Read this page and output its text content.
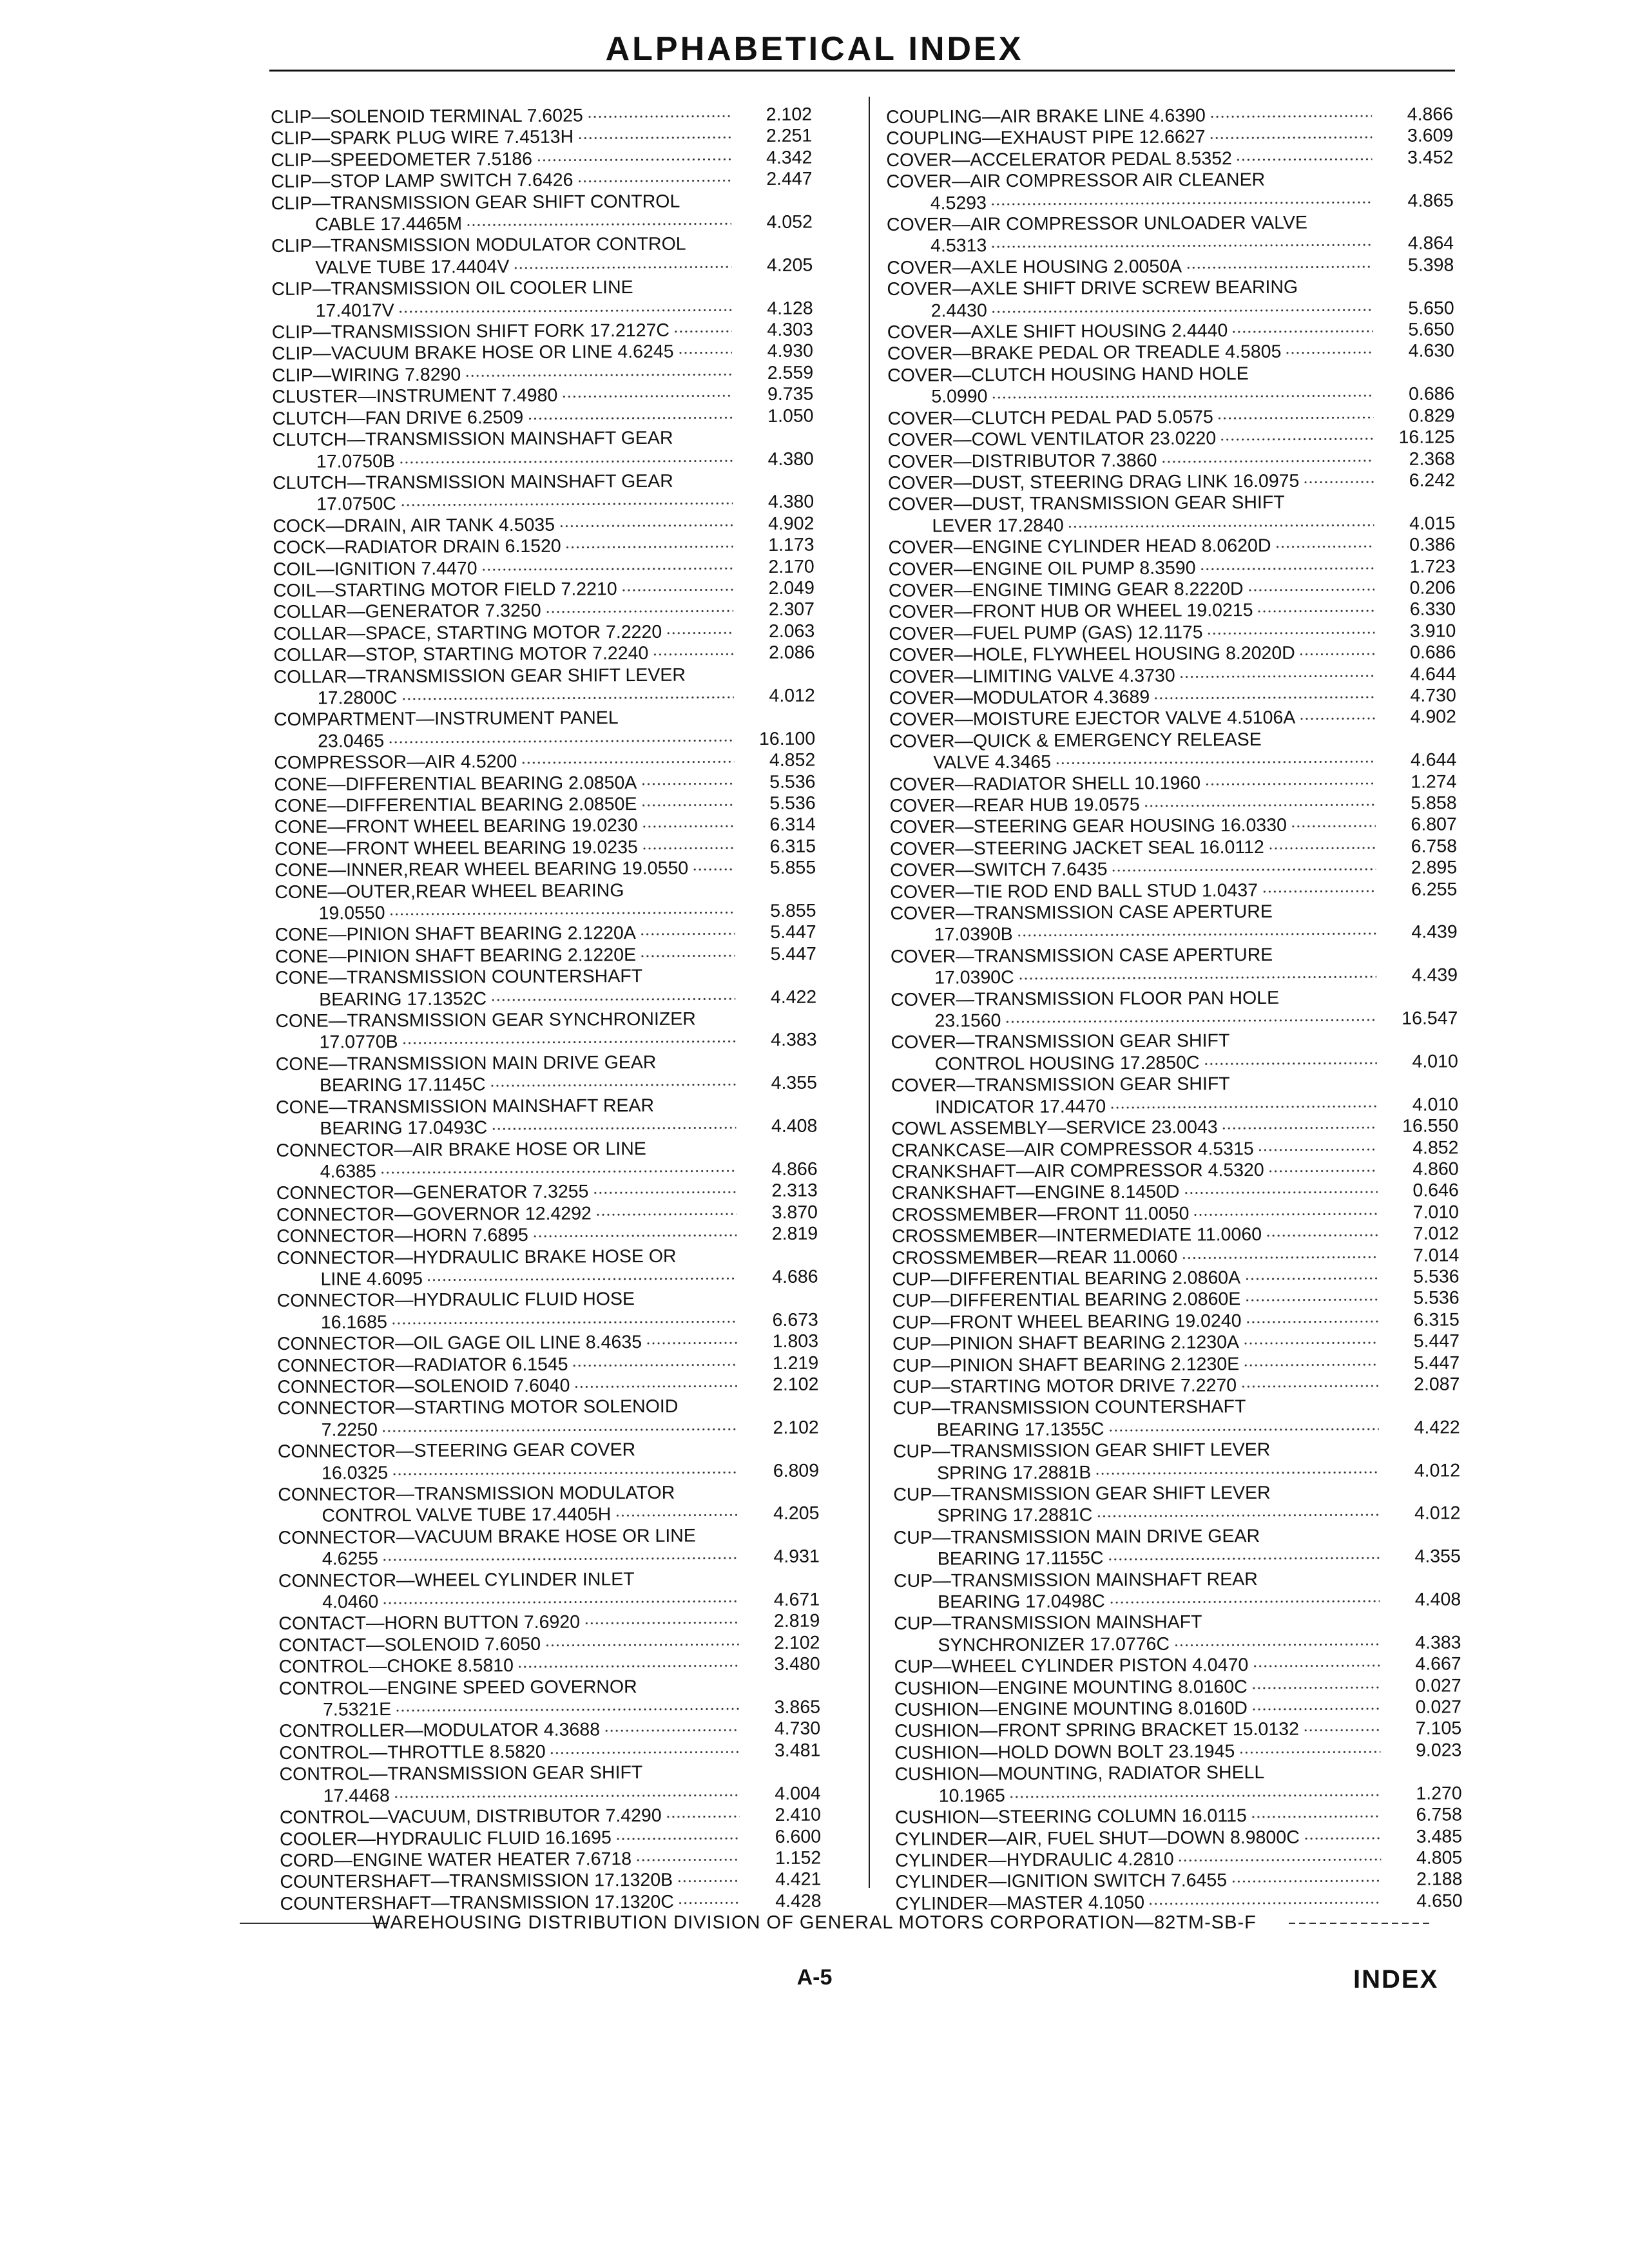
ALPHABETICAL INDEX
CLIP—SOLENOID TERMINAL 7.6025	2.102
CLIP—SPARK PLUG WIRE 7.4513H	2.251
CLIP—SPEEDOMETER 7.5186	4.342
CLIP—STOP LAMP SWITCH 7.6426	2.447
CLIP—TRANSMISSION GEAR SHIFT CONTROL
CABLE 17.4465M	4.052
CLIP—TRANSMISSION MODULATOR CONTROL
VALVE TUBE 17.4404V	4.205
CLIP—TRANSMISSION OIL COOLER LINE
17.4017V	4.128
CLIP—TRANSMISSION SHIFT FORK 17.2127C	4.303
CLIP—VACUUM BRAKE HOSE OR LINE 4.6245	4.930
CLIP—WIRING 7.8290	2.559
CLUSTER—INSTRUMENT 7.4980	9.735
CLUTCH—FAN DRIVE 6.2509	1.050
CLUTCH—TRANSMISSION MAINSHAFT GEAR
17.0750B	4.380
CLUTCH—TRANSMISSION MAINSHAFT GEAR
17.0750C	4.380
COCK—DRAIN, AIR TANK 4.5035	4.902
COCK—RADIATOR DRAIN 6.1520	1.173
COIL—IGNITION 7.4470	2.170
COIL—STARTING MOTOR FIELD 7.2210	2.049
COLLAR—GENERATOR 7.3250	2.307
COLLAR—SPACE, STARTING MOTOR 7.2220	2.063
COLLAR—STOP, STARTING MOTOR 7.2240	2.086
COLLAR—TRANSMISSION GEAR SHIFT LEVER
17.2800C	4.012
COMPARTMENT—INSTRUMENT PANEL
23.0465	16.100
COMPRESSOR—AIR 4.5200	4.852
CONE—DIFFERENTIAL BEARING 2.0850A	5.536
CONE—DIFFERENTIAL BEARING 2.0850E	5.536
CONE—FRONT WHEEL BEARING 19.0230	6.314
CONE—FRONT WHEEL BEARING 19.0235	6.315
CONE—INNER,REAR WHEEL BEARING 19.0550	5.855
CONE—OUTER,REAR WHEEL BEARING
19.0550	5.855
CONE—PINION SHAFT BEARING 2.1220A	5.447
CONE—PINION SHAFT BEARING 2.1220E	5.447
CONE—TRANSMISSION COUNTERSHAFT
BEARING 17.1352C	4.422
CONE—TRANSMISSION GEAR SYNCHRONIZER
17.0770B	4.383
CONE—TRANSMISSION MAIN DRIVE GEAR
BEARING 17.1145C	4.355
CONE—TRANSMISSION MAINSHAFT REAR
BEARING 17.0493C	4.408
CONNECTOR—AIR BRAKE HOSE OR LINE
4.6385	4.866
CONNECTOR—GENERATOR 7.3255	2.313
CONNECTOR—GOVERNOR 12.4292	3.870
CONNECTOR—HORN 7.6895	2.819
CONNECTOR—HYDRAULIC BRAKE HOSE OR
LINE 4.6095	4.686
CONNECTOR—HYDRAULIC FLUID HOSE
16.1685	6.673
CONNECTOR—OIL GAGE OIL LINE 8.4635	1.803
CONNECTOR—RADIATOR 6.1545	1.219
CONNECTOR—SOLENOID 7.6040	2.102
CONNECTOR—STARTING MOTOR SOLENOID
7.2250	2.102
CONNECTOR—STEERING GEAR COVER
16.0325	6.809
CONNECTOR—TRANSMISSION MODULATOR
CONTROL VALVE TUBE 17.4405H	4.205
CONNECTOR—VACUUM BRAKE HOSE OR LINE
4.6255	4.931
CONNECTOR—WHEEL CYLINDER INLET
4.0460	4.671
CONTACT—HORN BUTTON 7.6920	2.819
CONTACT—SOLENOID 7.6050	2.102
CONTROL—CHOKE 8.5810	3.480
CONTROL—ENGINE SPEED GOVERNOR
7.5321E	3.865
CONTROLLER—MODULATOR 4.3688	4.730
CONTROL—THROTTLE 8.5820	3.481
CONTROL—TRANSMISSION GEAR SHIFT
17.4468	4.004
CONTROL—VACUUM, DISTRIBUTOR 7.4290	2.410
COOLER—HYDRAULIC FLUID 16.1695	6.600
CORD—ENGINE WATER HEATER 7.6718	1.152
COUNTERSHAFT—TRANSMISSION 17.1320B	4.421
COUNTERSHAFT—TRANSMISSION 17.1320C	4.428
COUPLING—AIR BRAKE LINE 4.6390	4.866
COUPLING—EXHAUST PIPE 12.6627	3.609
COVER—ACCELERATOR PEDAL 8.5352	3.452
COVER—AIR COMPRESSOR AIR CLEANER
4.5293	4.865
COVER—AIR COMPRESSOR UNLOADER VALVE
4.5313	4.864
COVER—AXLE HOUSING 2.0050A	5.398
COVER—AXLE SHIFT DRIVE SCREW BEARING
2.4430	5.650
COVER—AXLE SHIFT HOUSING 2.4440	5.650
COVER—BRAKE PEDAL OR TREADLE 4.5805	4.630
COVER—CLUTCH HOUSING HAND HOLE
5.0990	0.686
COVER—CLUTCH PEDAL PAD 5.0575	0.829
COVER—COWL VENTILATOR 23.0220	16.125
COVER—DISTRIBUTOR 7.3860	2.368
COVER—DUST, STEERING DRAG LINK 16.0975	6.242
COVER—DUST, TRANSMISSION GEAR SHIFT
LEVER 17.2840	4.015
COVER—ENGINE CYLINDER HEAD 8.0620D	0.386
COVER—ENGINE OIL PUMP 8.3590	1.723
COVER—ENGINE TIMING GEAR 8.2220D	0.206
COVER—FRONT HUB OR WHEEL 19.0215	6.330
COVER—FUEL PUMP (GAS) 12.1175	3.910
COVER—HOLE, FLYWHEEL HOUSING 8.2020D	0.686
COVER—LIMITING VALVE 4.3730	4.644
COVER—MODULATOR 4.3689	4.730
COVER—MOISTURE EJECTOR VALVE 4.5106A	4.902
COVER—QUICK & EMERGENCY RELEASE
VALVE 4.3465	4.644
COVER—RADIATOR SHELL 10.1960	1.274
COVER—REAR HUB 19.0575	5.858
COVER—STEERING GEAR HOUSING 16.0330	6.807
COVER—STEERING JACKET SEAL 16.0112	6.758
COVER—SWITCH 7.6435	2.895
COVER—TIE ROD END BALL STUD 1.0437	6.255
COVER—TRANSMISSION CASE APERTURE
17.0390B	4.439
COVER—TRANSMISSION CASE APERTURE
17.0390C	4.439
COVER—TRANSMISSION FLOOR PAN HOLE
23.1560	16.547
COVER—TRANSMISSION GEAR SHIFT
CONTROL HOUSING 17.2850C	4.010
COVER—TRANSMISSION GEAR SHIFT
INDICATOR 17.4470	4.010
COWL ASSEMBLY—SERVICE 23.0043	16.550
CRANKCASE—AIR COMPRESSOR 4.5315	4.852
CRANKSHAFT—AIR COMPRESSOR 4.5320	4.860
CRANKSHAFT—ENGINE 8.1450D	0.646
CROSSMEMBER—FRONT 11.0050	7.010
CROSSMEMBER—INTERMEDIATE 11.0060	7.012
CROSSMEMBER—REAR 11.0060	7.014
CUP—DIFFERENTIAL BEARING 2.0860A	5.536
CUP—DIFFERENTIAL BEARING 2.0860E	5.536
CUP—FRONT WHEEL BEARING 19.0240	6.315
CUP—PINION SHAFT BEARING 2.1230A	5.447
CUP—PINION SHAFT BEARING 2.1230E	5.447
CUP—STARTING MOTOR DRIVE 7.2270	2.087
CUP—TRANSMISSION COUNTERSHAFT
BEARING 17.1355C	4.422
CUP—TRANSMISSION GEAR SHIFT LEVER
SPRING 17.2881B	4.012
CUP—TRANSMISSION GEAR SHIFT LEVER
SPRING 17.2881C	4.012
CUP—TRANSMISSION MAIN DRIVE GEAR
BEARING 17.1155C	4.355
CUP—TRANSMISSION MAINSHAFT REAR
BEARING 17.0498C	4.408
CUP—TRANSMISSION MAINSHAFT
SYNCHRONIZER 17.0776C	4.383
CUP—WHEEL CYLINDER PISTON 4.0470	4.667
CUSHION—ENGINE MOUNTING 8.0160C	0.027
CUSHION—ENGINE MOUNTING 8.0160D	0.027
CUSHION—FRONT SPRING BRACKET 15.0132	7.105
CUSHION—HOLD DOWN BOLT 23.1945	9.023
CUSHION—MOUNTING, RADIATOR SHELL
10.1965	1.270
CUSHION—STEERING COLUMN 16.0115	6.758
CYLINDER—AIR, FUEL SHUT—DOWN 8.9800C	3.485
CYLINDER—HYDRAULIC 4.2810	4.805
CYLINDER—IGNITION SWITCH 7.6455	2.188
CYLINDER—MASTER 4.1050	4.650
WAREHOUSING DISTRIBUTION DIVISION OF GENERAL MOTORS CORPORATION—82TM-SB-F
A-5	INDEX
